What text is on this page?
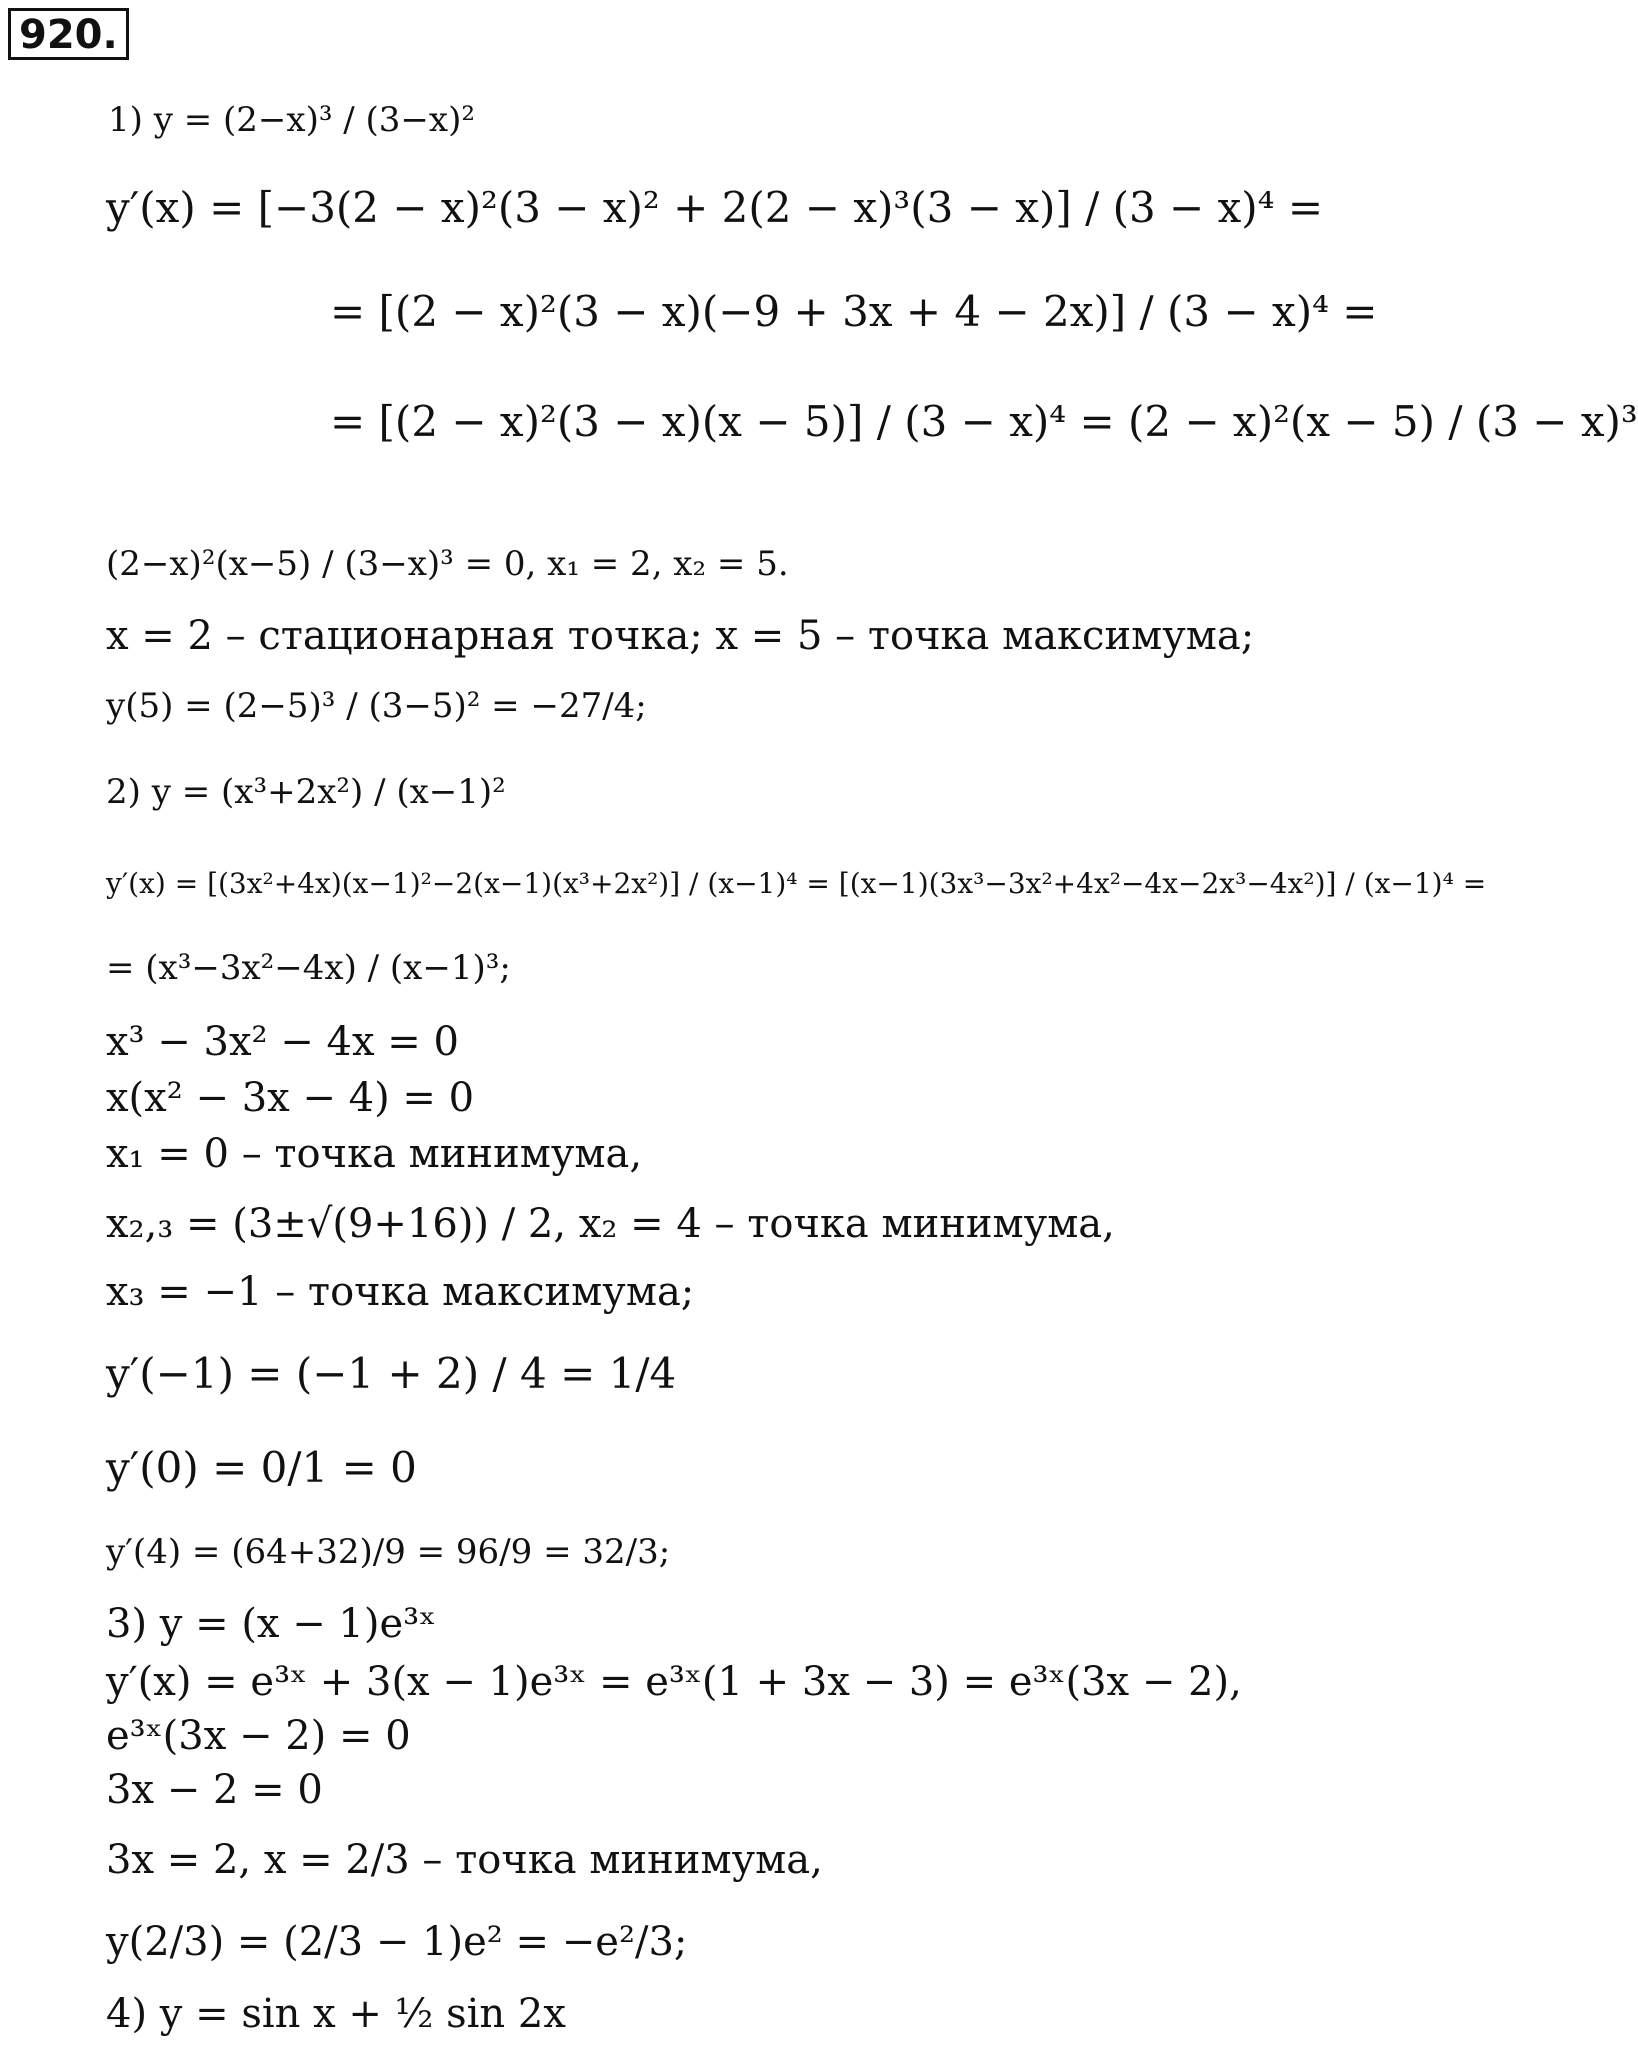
920.
1) y = (2−x)³ / (3−x)²
y′(x) = [−3(2 − x)²(3 − x)² + 2(2 − x)³(3 − x)] / (3 − x)⁴ =
= [(2 − x)²(3 − x)(−9 + 3x + 4 − 2x)] / (3 − x)⁴ =
= [(2 − x)²(3 − x)(x − 5)] / (3 − x)⁴ = (2 − x)²(x − 5) / (3 − x)³
(2−x)²(x−5) / (3−x)³ = 0, x₁ = 2, x₂ = 5.
x = 2 – стационарная точка; x = 5 – точка максимума;
y(5) = (2−5)³ / (3−5)² = −27/4;
2) y = (x³+2x²) / (x−1)²
y′(x) = [(3x²+4x)(x−1)²−2(x−1)(x³+2x²)] / (x−1)⁴ = [(x−1)(3x³−3x²+4x²−4x−2x³−4x²)] / (x−1)⁴ =
= (x³−3x²−4x) / (x−1)³;
x³ − 3x² − 4x = 0
x(x² − 3x − 4) = 0
x₁ = 0 – точка минимума,
x₂,₃ = (3±√(9+16)) / 2, x₂ = 4 – точка минимума,
x₃ = −1 – точка максимума;
y′(−1) = (−1 + 2) / 4 = 1/4
y′(0) = 0/1 = 0
y′(4) = (64+32)/9 = 96/9 = 32/3;
3) y = (x − 1)e³ˣ
y′(x) = e³ˣ + 3(x − 1)e³ˣ = e³ˣ(1 + 3x − 3) = e³ˣ(3x − 2),
e³ˣ(3x − 2) = 0
3x − 2 = 0
3x = 2, x = 2/3 – точка минимума,
y(2/3) = (2/3 − 1)e² = −e²/3;
4) y = sin x + ½ sin 2x
